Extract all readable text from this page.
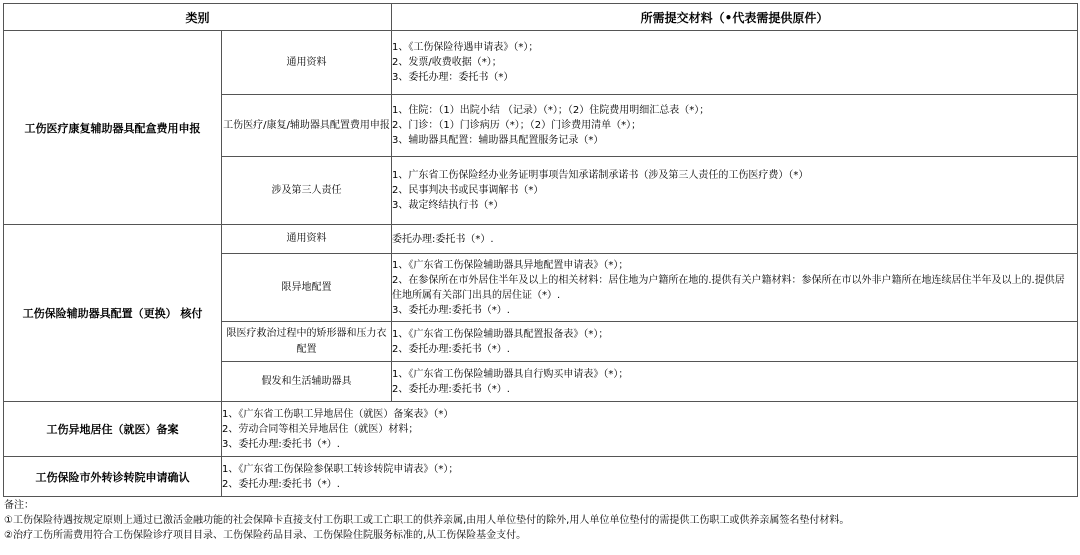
类别		所需提交材料（•代表需提供原件）
工伤医疗康复辅助器具配盒费用申报	通用资料	1、《工伤保险待遇申请表》（*）；
2、发票/收费收据（*）；
3、委托办理：委托书（*）

	工伤医疗/康复/辅助器具配置费用申报	1、住院：（1）出院小结 （记录）（*）；（2）住院费用明细汇总表（*）；
2、门诊：（1）门诊病历（*）；（2）门诊费用清单（*）；
3、辅助器具配置：辅助器具配置服务记录（*）

	涉及第三人责任	1、广东省工伤保险经办业务证明事项告知承诺制承诺书（涉及第三人责任的工伤医疗费）（*）
2、民事判决书或民事调解书（*）
3、裁定终结执行书（*）

工伤保险辅助器具配置（更换） 核付	通用资料	委托办理:委托书（*）.

	限异地配置	1、《广东省工伤保险辅助器具异地配置申请表》（*）；
2、在参保所在市外居住半年及以上的相关材料：居住地为户籍所在地的.提供有关户籍材料：参保所在市以外非户籍所在地连续居住半年及以上的.提供居 住地所属有关部门出具的居住证（*）.
3、委托办理:委托书（*）.

	限医疗救治过程中的矫形器和压力衣配置	1、《广东省工伤保险辅助器具配置报备表》（*）；
2、委托办理:委托书（*）.

	假发和生活辅助器具	1、《广东省工伤保险辅助器具自行购买申请表》（*）；
2、委托办理:委托书（*）.

工伤异地居住（就医）备案	1、《广东省工伤职工异地居住（就医）备案表》（*）
2、劳动合同等相关异地居住（就医）材料；
3、委托办理:委托书（*）.	

工伤保险市外转诊转院申请确认	1、《广东省工伤保险参保职工转诊转院申请表》（*）；
2、委托办理:委托书（*）.	
备注：
①工伤保险待遇按规定原则上通过已激活金融功能的社会保障卡直接支付工伤职工或工亡职工的供养亲属,由用人单位垫付的除外,用人单位单位垫付的需提供工伤职工或供养亲属签名垫付材料。
②治疗工伤所需费用符合工伤保险诊疗项目目录、工伤保险药品目录、工伤保险住院服务标准的,从工伤保险基金支付。
